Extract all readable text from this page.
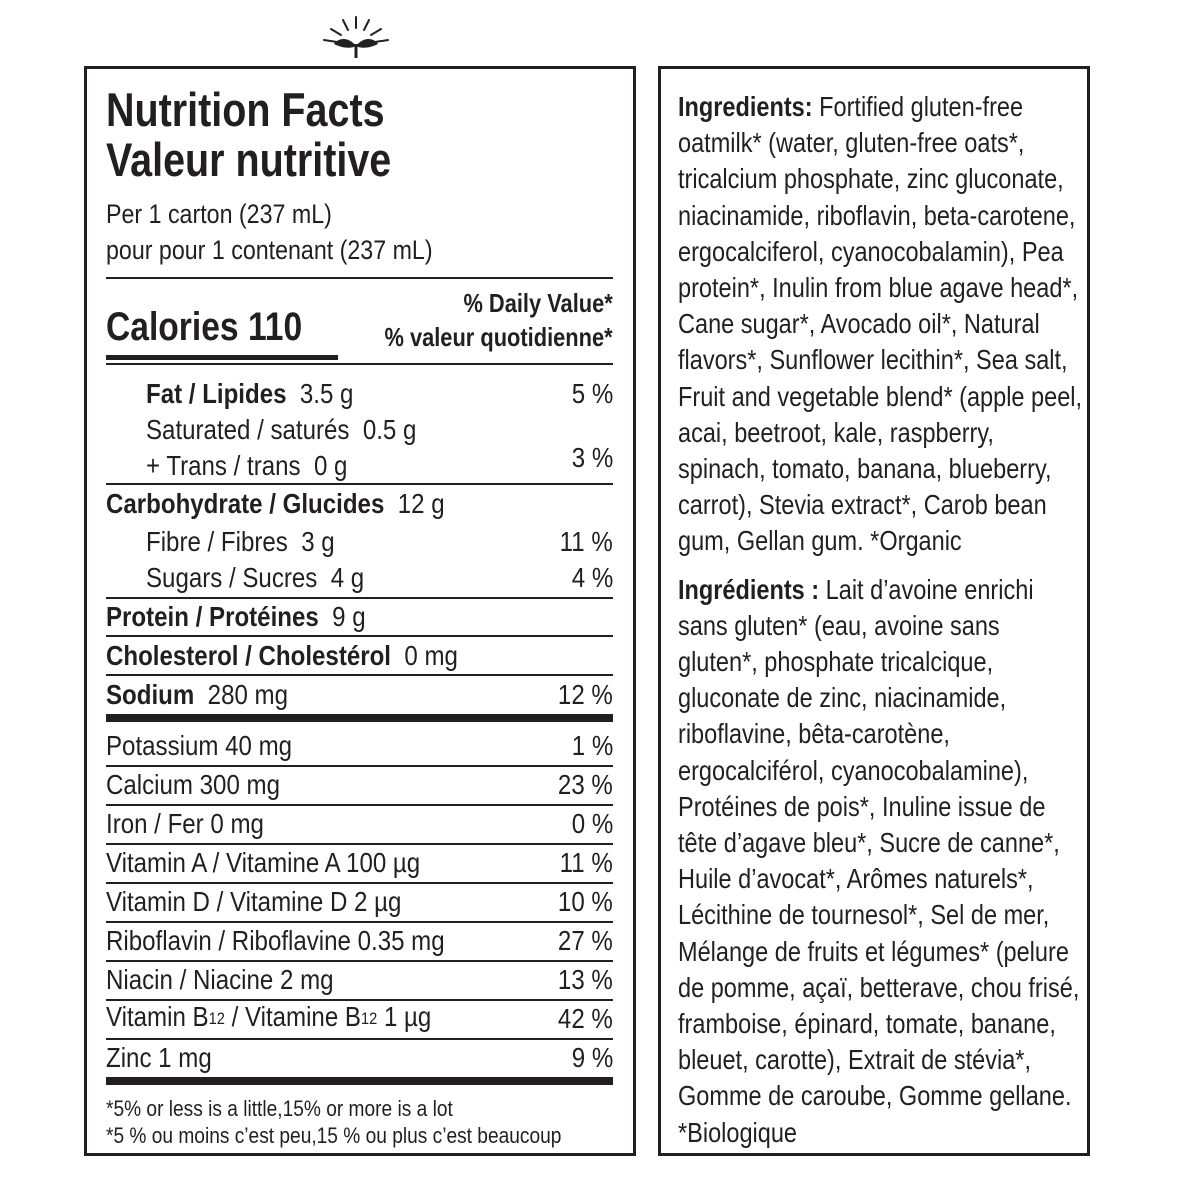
Nutrition Facts
Valeur nutritive
Per 1 carton (237 mL)
pour pour 1 contenant (237 mL)
Calories 110
% Daily Value*
% valeur quotidienne*
Fat / Lipides 3.5 g	5 %
Saturated / saturés 0.5 g
+ Trans / trans 0 g	3 %
Carbohydrate / Glucides 12 g
Fibre / Fibres 3 g	11 %
Sugars / Sucres 4 g	4 %
Protein / Protéines 9 g
Cholesterol / Cholestérol 0 mg
Sodium 280 mg	12 %
Potassium 40 mg	1 %
Calcium 300 mg	23 %
Iron / Fer 0 mg	0 %
Vitamin A / Vitamine A 100 µg	11 %
Vitamin D / Vitamine D 2 µg	10 %
Riboflavin / Riboflavine 0.35 mg	27 %
Niacin / Niacine 2 mg	13 %
Vitamin $B_{12}$ / Vitamine $B_{12}$ 1 µg	42 %
Zinc 1 mg	9 %
*5% or less is a little,15% or more is a lot
*5 % ou moins c’est peu,15 % ou plus c’est beaucoup

Ingredients: Fortified gluten-free oatmilk* (water, gluten-free oats*, tricalcium phosphate, zinc gluconate, niacinamide, riboflavin, beta-carotene, ergocalciferol, cyanocobalamin), Pea protein*, Inulin from blue agave head*, Cane sugar*, Avocado oil*, Natural flavors*, Sunflower lecithin*, Sea salt, Fruit and vegetable blend* (apple peel, acai, beetroot, kale, raspberry, spinach, tomato, banana, blueberry, carrot), Stevia extract*, Carob bean gum, Gellan gum. *Organic

Ingrédients : Lait d’avoine enrichi sans gluten* (eau, avoine sans gluten*, phosphate tricalcique, gluconate de zinc, niacinamide, riboflavine, bêta-carotène, ergocalciférol, cyanocobalamine), Protéines de pois*, Inuline issue de tête d’agave bleu*, Sucre de canne*, Huile d’avocat*, Arômes naturels*, Lécithine de tournesol*, Sel de mer, Mélange de fruits et légumes* (pelure de pomme, açaï, betterave, chou frisé, framboise, épinard, tomate, banane, bleuet, carotte), Extrait de stévia*, Gomme de caroube, Gomme gellane. *Biologique
